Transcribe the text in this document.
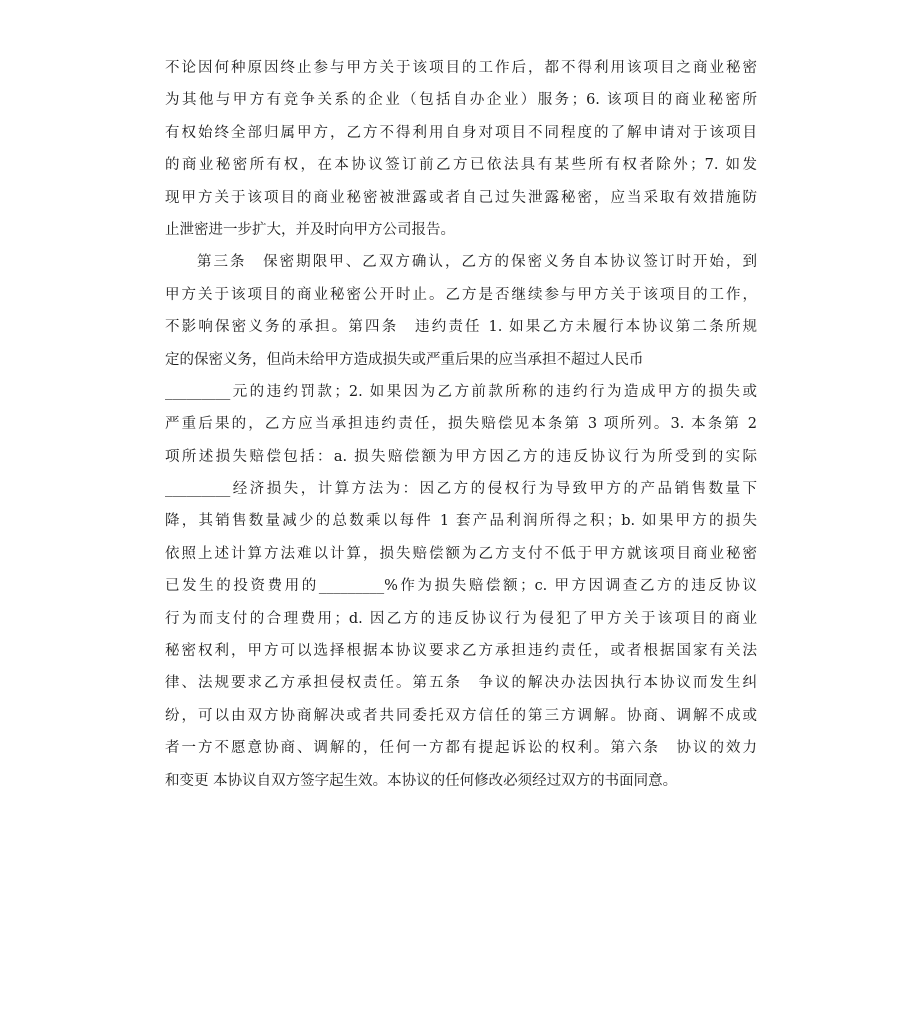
不论因何种原因终止参与甲方关于该项目的工作后，都不得利用该项目之商业秘密
为其他与甲方有竞争关系的企业（包括自办企业）服务；6. 该项目的商业秘密所
有权始终全部归属甲方，乙方不得利用自身对项目不同程度的了解申请对于该项目
的商业秘密所有权，在本协议签订前乙方已依法具有某些所有权者除外；7. 如发
现甲方关于该项目的商业秘密被泄露或者自己过失泄露秘密，应当采取有效措施防
止泄密进一步扩大，并及时向甲方公司报告。
第三条　保密期限甲、乙双方确认，乙方的保密义务自本协议签订时开始，到
甲方关于该项目的商业秘密公开时止。乙方是否继续参与甲方关于该项目的工作，
不影响保密义务的承担。第四条　违约责任 1. 如果乙方未履行本协议第二条所规
定的保密义务，但尚未给甲方造成损失或严重后果的应当承担不超过人民币
_________元的违约罚款；2. 如果因为乙方前款所称的违约行为造成甲方的损失或
严重后果的，乙方应当承担违约责任，损失赔偿见本条第 3 项所列。3. 本条第 2
项所述损失赔偿包括：a. 损失赔偿额为甲方因乙方的违反协议行为所受到的实际
_________经济损失，计算方法为：因乙方的侵权行为导致甲方的产品销售数量下
降，其销售数量减少的总数乘以每件 1 套产品利润所得之积；b. 如果甲方的损失
依照上述计算方法难以计算，损失赔偿额为乙方支付不低于甲方就该项目商业秘密
已发生的投资费用的_________%作为损失赔偿额；c. 甲方因调查乙方的违反协议
行为而支付的合理费用；d. 因乙方的违反协议行为侵犯了甲方关于该项目的商业
秘密权利，甲方可以选择根据本协议要求乙方承担违约责任，或者根据国家有关法
律、法规要求乙方承担侵权责任。第五条　争议的解决办法因执行本协议而发生纠
纷，可以由双方协商解决或者共同委托双方信任的第三方调解。协商、调解不成或
者一方不愿意协商、调解的，任何一方都有提起诉讼的权利。第六条　协议的效力
和变更 本协议自双方签字起生效。本协议的任何修改必须经过双方的书面同意。
